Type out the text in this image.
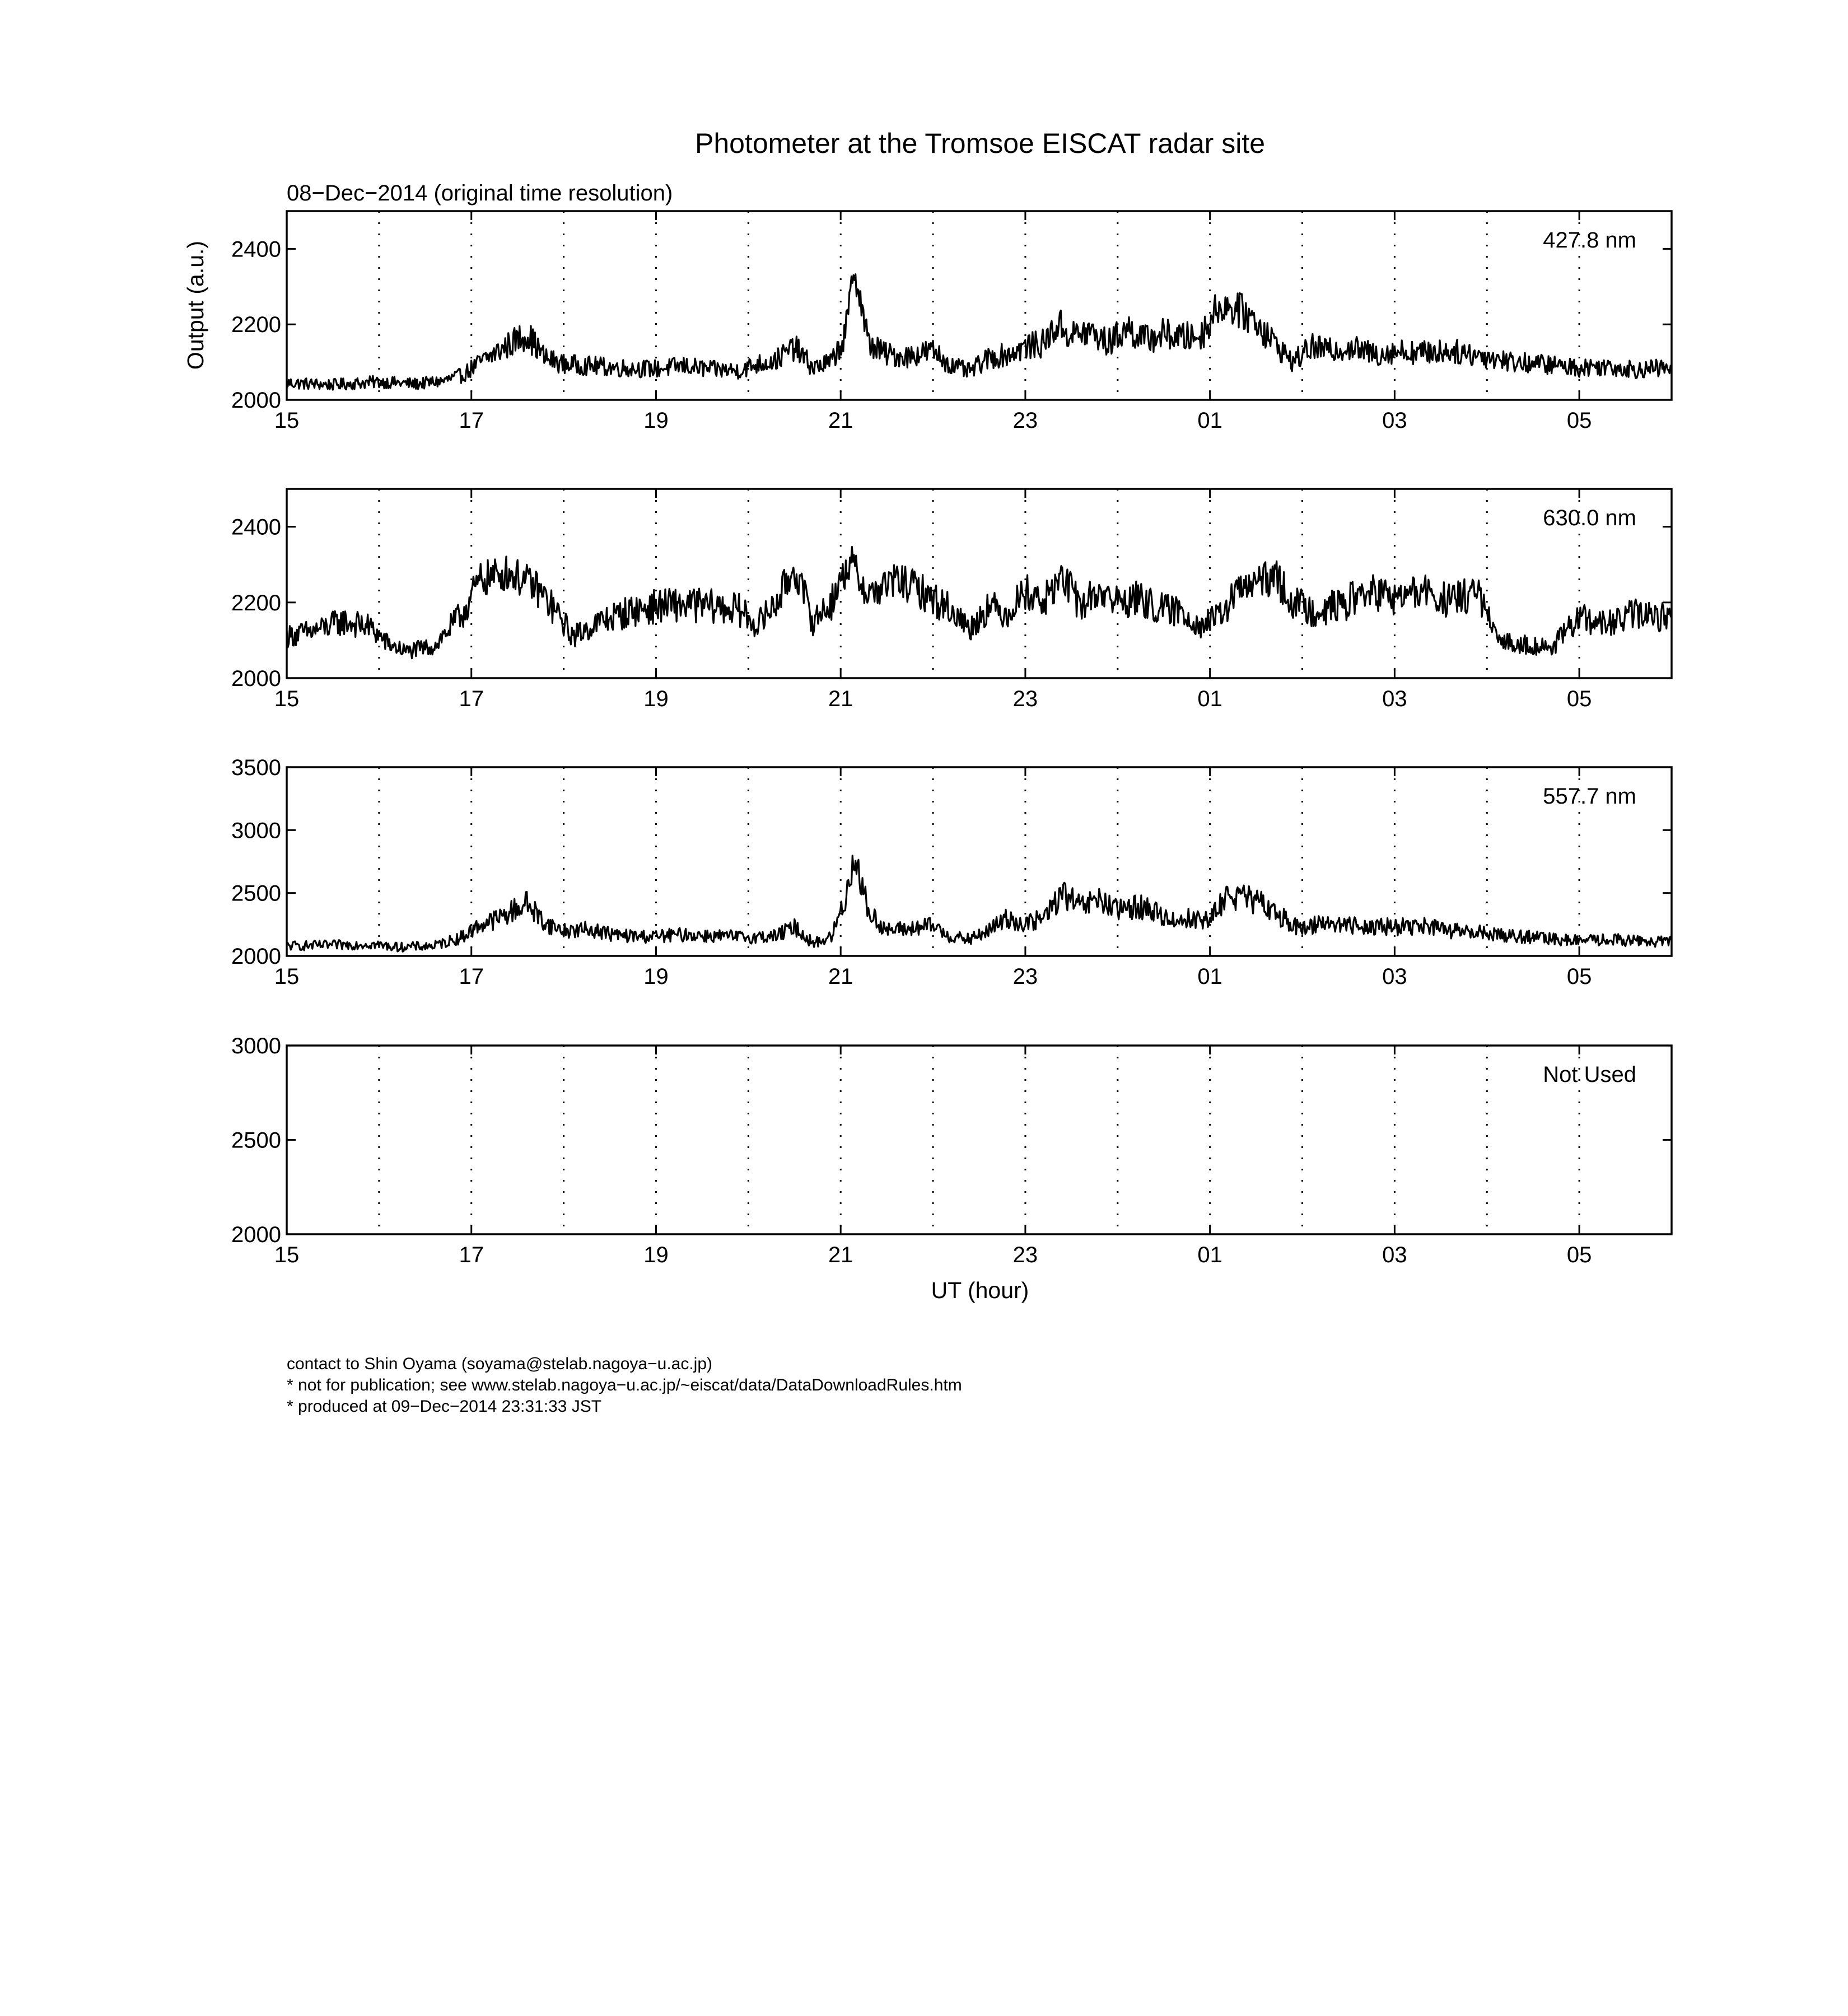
Photometer at the Tromsoe EISCAT radar site
08−Dec−2014 (original time resolution)
Output (a.u.)
UT (hour)
15	17	19	21	23	01	03	05
2000
2200
2400	427.8 nm
15	17	19	21	23	01	03	05
2000
2200
2400	630.0 nm
15	17	19	21	23	01	03	05
2000
2500
3000
3500
557.7 nm
15	17	19	21	23	01	03	05
2000
2500
3000
Not Used
contact to Shin Oyama (soyama@stelab.nagoya−u.ac.jp)
* not for publication; see www.stelab.nagoya−u.ac.jp/~eiscat/data/DataDownloadRules.htm
* produced at 09−Dec−2014 23:31:33 JST
